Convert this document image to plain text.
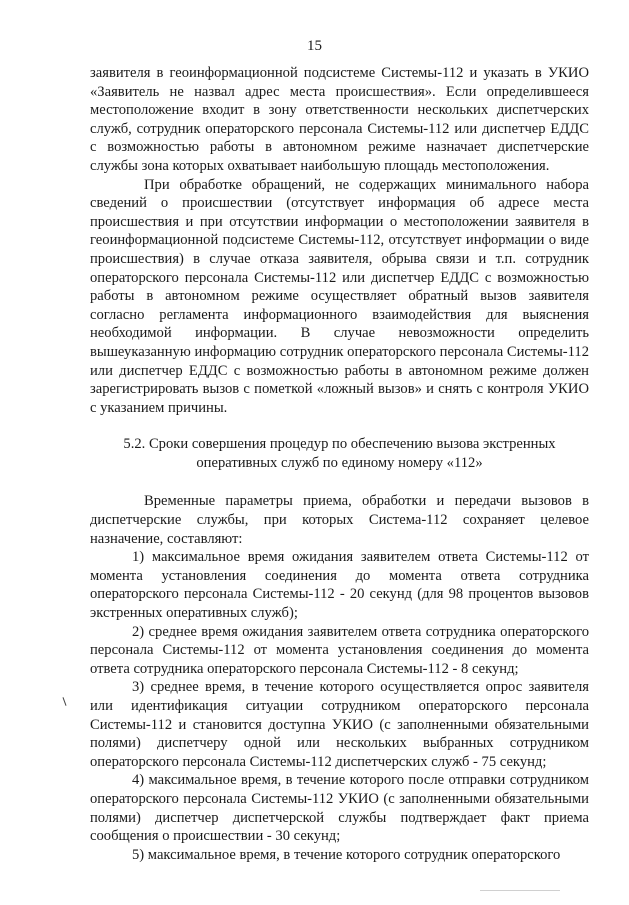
15

заявителя в геоинформационной подсистеме Системы-112 и указать в УКИО «Заявитель не назвал адрес места происшествия». Если определившееся местоположение входит в зону ответственности нескольких диспетчерских служб, сотрудник операторского персонала Системы-112 или диспетчер ЕДДС с возможностью работы в автономном режиме назначает диспетчерские службы зона которых охватывает наибольшую площадь местоположения.

При обработке обращений, не содержащих минимального набора сведений о происшествии (отсутствует информация об адресе места происшествия и при отсутствии информации о местоположении заявителя в геоинформационной подсистеме Системы-112, отсутствует информации о виде происшествия) в случае отказа заявителя, обрыва связи и т.п. сотрудник операторского персонала Системы-112 или диспетчер ЕДДС с возможностью работы в автономном режиме осуществляет обратный вызов заявителя согласно регламента информационного взаимодействия для выяснения необходимой информации. В случае невозможности определить вышеуказанную информацию сотрудник операторского персонала Системы-112 или диспетчер ЕДДС с возможностью работы в автономном режиме должен зарегистрировать вызов с пометкой «ложный вызов» и снять с контроля УКИО с указанием причины.

5.2. Сроки совершения процедур по обеспечению вызова экстренных оперативных служб по единому номеру «112»

Временные параметры приема, обработки и передачи вызовов в диспетчерские службы, при которых Система-112 сохраняет целевое назначение, составляют:

1) максимальное время ожидания заявителем ответа Системы-112 от момента установления соединения до момента ответа сотрудника операторского персонала Системы-112 - 20 секунд (для 98 процентов вызовов экстренных оперативных служб);

2) среднее время ожидания заявителем ответа сотрудника операторского персонала Системы-112 от момента установления соединения до момента ответа сотрудника операторского персонала Системы-112 - 8 секунд;

3) среднее время, в течение которого осуществляется опрос заявителя или идентификация ситуации сотрудником операторского персонала Системы-112 и становится доступна УКИО (с заполненными обязательными полями) диспетчеру одной или нескольких выбранных сотрудником операторского персонала Системы-112 диспетчерских служб - 75 секунд;

4) максимальное время, в течение которого после отправки сотрудником операторского персонала Системы-112 УКИО (с заполненными обязательными полями) диспетчер диспетчерской службы подтверждает факт приема сообщения о происшествии - 30 секунд;

5) максимальное время, в течение которого сотрудник операторского
